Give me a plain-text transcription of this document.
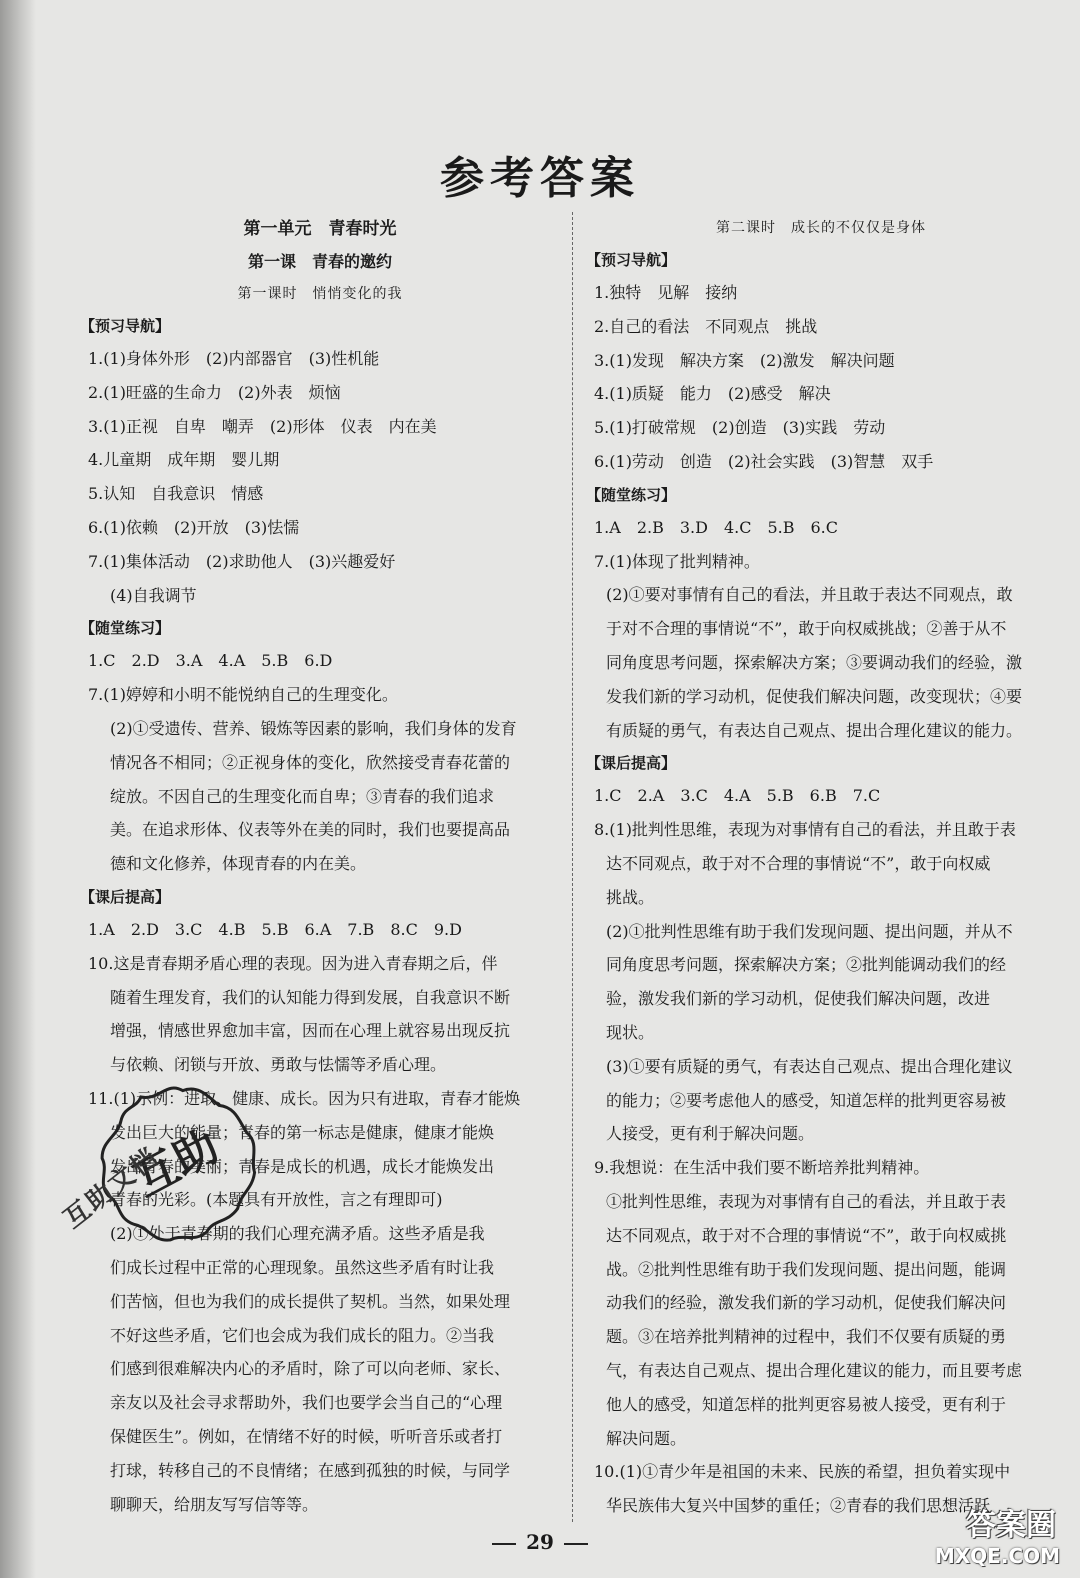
参考答案
第一单元　青春时光
第一课　青春的邀约
第一课时　悄悄变化的我
【预习导航】
1.(1)身体外形　(2)内部器官　(3)性机能
2.(1)旺盛的生命力　(2)外表　烦恼
3.(1)正视　自卑　嘲弄　(2)形体　仪表　内在美
4.儿童期　成年期　婴儿期
5.认知　自我意识　情感
6.(1)依赖　(2)开放　(3)怯懦
7.(1)集体活动　(2)求助他人　(3)兴趣爱好
(4)自我调节
【随堂练习】
1.C　2.D　3.A　4.A　5.B　6.D
7.(1)婷婷和小明不能悦纳自己的生理变化。
(2)①受遗传、营养、锻炼等因素的影响，我们身体的发育
情况各不相同；②正视身体的变化，欣然接受青春花蕾的
绽放。不因自己的生理变化而自卑；③青春的我们追求
美。在追求形体、仪表等外在美的同时，我们也要提高品
德和文化修养，体现青春的内在美。
【课后提高】
1.A　2.D　3.C　4.B　5.B　6.A　7.B　8.C　9.D
10.这是青春期矛盾心理的表现。因为进入青春期之后，伴
随着生理发育，我们的认知能力得到发展，自我意识不断
增强，情感世界愈加丰富，因而在心理上就容易出现反抗
与依赖、闭锁与开放、勇敢与怯懦等矛盾心理。
11.(1)示例：进取、健康、成长。因为只有进取，青春才能焕
发出巨大的能量；青春的第一标志是健康，健康才能焕
发出青春的美丽；青春是成长的机遇，成长才能焕发出
青春的光彩。(本题具有开放性，言之有理即可)
(2)①处于青春期的我们心理充满矛盾。这些矛盾是我
们成长过程中正常的心理现象。虽然这些矛盾有时让我
们苦恼，但也为我们的成长提供了契机。当然，如果处理
不好这些矛盾，它们也会成为我们成长的阻力。②当我
们感到很难解决内心的矛盾时，除了可以向老师、家长、
亲友以及社会寻求帮助外，我们也要学会当自己的“心理
保健医生”。例如，在情绪不好的时候，听听音乐或者打
打球，转移自己的不良情绪；在感到孤独的时候，与同学
聊聊天，给朋友写写信等等。
第二课时　成长的不仅仅是身体
【预习导航】
1.独特　见解　接纳
2.自己的看法　不同观点　挑战
3.(1)发现　解决方案　(2)激发　解决问题
4.(1)质疑　能力　(2)感受　解决
5.(1)打破常规　(2)创造　(3)实践　劳动
6.(1)劳动　创造　(2)社会实践　(3)智慧　双手
【随堂练习】
1.A　2.B　3.D　4.C　5.B　6.C
7.(1)体现了批判精神。
(2)①要对事情有自己的看法，并且敢于表达不同观点，敢
于对不合理的事情说“不”，敢于向权威挑战；②善于从不
同角度思考问题，探索解决方案；③要调动我们的经验，激
发我们新的学习动机，促使我们解决问题，改变现状；④要
有质疑的勇气，有表达自己观点、提出合理化建议的能力。
【课后提高】
1.C　2.A　3.C　4.A　5.B　6.B　7.C
8.(1)批判性思维，表现为对事情有自己的看法，并且敢于表
达不同观点，敢于对不合理的事情说“不”，敢于向权威
挑战。
(2)①批判性思维有助于我们发现问题、提出问题，并从不
同角度思考问题，探索解决方案；②批判能调动我们的经
验，激发我们新的学习动机，促使我们解决问题，改进
现状。
(3)①要有质疑的勇气，有表达自己观点、提出合理化建议
的能力；②要考虑他人的感受，知道怎样的批判更容易被
人接受，更有利于解决问题。
9.我想说：在生活中我们要不断培养批判精神。
①批判性思维，表现为对事情有自己的看法，并且敢于表
达不同观点，敢于对不合理的事情说“不”，敢于向权威挑
战。②批判性思维有助于我们发现问题、提出问题，能调
动我们的经验，激发我们新的学习动机，促使我们解决问
题。③在培养批判精神的过程中，我们不仅要有质疑的勇
气，有表达自己观点、提出合理化建议的能力，而且要考虑
他人的感受，知道怎样的批判更容易被人接受，更有利于
解决问题。
10.(1)①青少年是祖国的未来、民族的希望，担负着实现中
华民族伟大复兴中国梦的重任；②青春的我们思想活跃
互助
互助文档
29	答案圈
MXQE.COM
